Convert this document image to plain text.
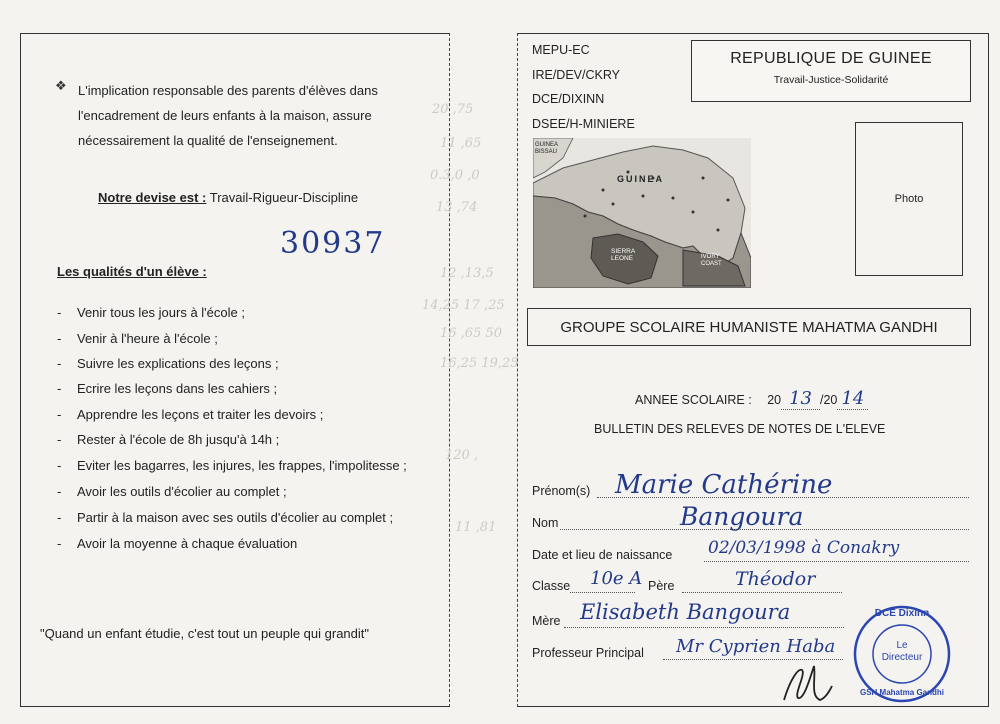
❖ L'implication responsable des parents d'élèves dans
l'encadrement de leurs enfants à la maison, assure
nécessairement la qualité de l'enseignement.
Notre devise est : Travail-Rigueur-Discipline
30937
Les qualités d'un élève :
- Venir tous les jours à l'école ;
- Venir à l'heure à l'école ;
- Suivre les explications des leçons ;
- Ecrire les leçons dans les cahiers ;
- Apprendre les leçons et traiter les devoirs ;
- Rester à l'école de 8h jusqu'à 14h ;
- Eviter les bagarres, les injures, les frappes, l'impolitesse ;
- Avoir les outils d'écolier au complet ;
- Partir à la maison avec ses outils d'écolier au complet ;
- Avoir la moyenne à chaque évaluation
"Quand un enfant étudie, c'est tout un peuple qui grandit"
20 ,75
11 ,65
0.3,0 ,0
13 ,74
12 ,13,5
14,25 17 ,25
16 ,65 50
16,25 19,25
120 ,
11 ,81
MEPU-EC
IRE/DEV/CKRY
DCE/DIXINN
DSEE/H-MINIERE
REPUBLIQUE DE GUINEE
Travail-Justice-Solidarité
GUINEA
GUINEA BISSAU
SIERRA LEONE	IVORY COAST
Photo
GROUPE SCOLAIRE HUMANISTE MAHATMA GANDHI
ANNEE SCOLAIRE : 20 13 /20 14
BULLETIN DES RELEVES DE NOTES DE L'ELEVE
Prénom(s) Marie Cathérine
Nom	Bangoura
Date et lieu de naissance 02/03/1998 à Conakry
Classe 10e A Père	Théodor
Mère Elisabeth Bangoura
Professeur Principal Mr Cyprien Haba
DCE Dixinn
GSH Mahatma Gandhi
Le
Directeur
